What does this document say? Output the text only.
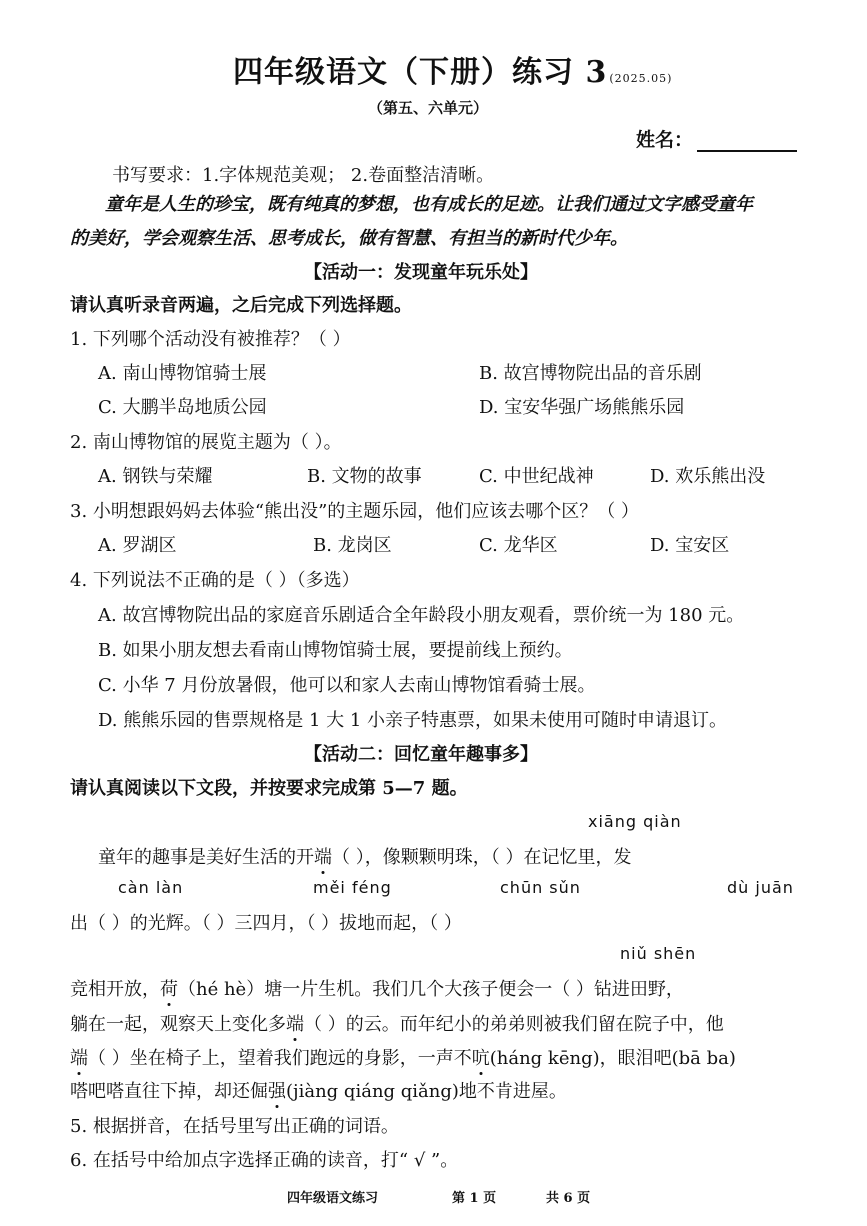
四年级语文（下册）练习 3 (2025.05)
（第五、六单元）
姓名：
书写要求：1.字体规范美观； 2.卷面整洁清晰。
童年是人生的珍宝，既有纯真的梦想，也有成长的足迹。让我们通过文字感受童年
的美好，学会观察生活、思考成长，做有智慧、有担当的新时代少年。
【活动一：发现童年玩乐处】
请认真听录音两遍，之后完成下列选择题。
1. 下列哪个活动没有被推荐？（ ）
A. 南山博物馆骑士展	B. 故宫博物院出品的音乐剧
C. 大鹏半岛地质公园	D. 宝安华强广场熊熊乐园
2. 南山博物馆的展览主题为（ ）。
A. 钢铁与荣耀	B. 文物的故事	C. 中世纪战神	D. 欢乐熊出没
3. 小明想跟妈妈去体验“熊出没”的主题乐园，他们应该去哪个区？（ ）
A. 罗湖区	B. 龙岗区	C. 龙华区	D. 宝安区
4. 下列说法不正确的是（ ）（多选）
A. 故宫博物院出品的家庭音乐剧适合全年龄段小朋友观看，票价统一为 180 元。
B. 如果小朋友想去看南山博物馆骑士展，要提前线上预约。
C. 小华 7 月份放暑假，他可以和家人去南山博物馆看骑士展。
D. 熊熊乐园的售票规格是 1 大 1 小亲子特惠票，如果未使用可随时申请退订。
【活动二：回忆童年趣事多】
请认真阅读以下文段，并按要求完成第 5—7 题。
xiāng qiàn
童年的趣事是美好生活的开端（ ），像颗颗明珠，（ ）在记忆里，发
càn làn	měi féng	chūn sǔn	dù juān
出（ ）的光辉。（ ）三四月，（ ）拔地而起，（ ）
niǔ shēn
竞相开放，荷（hé hè）塘一片生机。我们几个大孩子便会一（ ）钻进田野，
躺在一起，观察天上变化多端（ ）的云。而年纪小的弟弟则被我们留在院子中，他
端（ ）坐在椅子上，望着我们跑远的身影，一声不吭(háng kēng)，眼泪吧(bā ba)
嗒吧嗒直往下掉，却还倔强(jiàng qiáng qiǎng)地不肯进屋。
5. 根据拼音，在括号里写出正确的词语。
6. 在括号中给加点字选择正确的读音，打“ √ ”。
四年级语文练习	第 1 页	共 6 页
